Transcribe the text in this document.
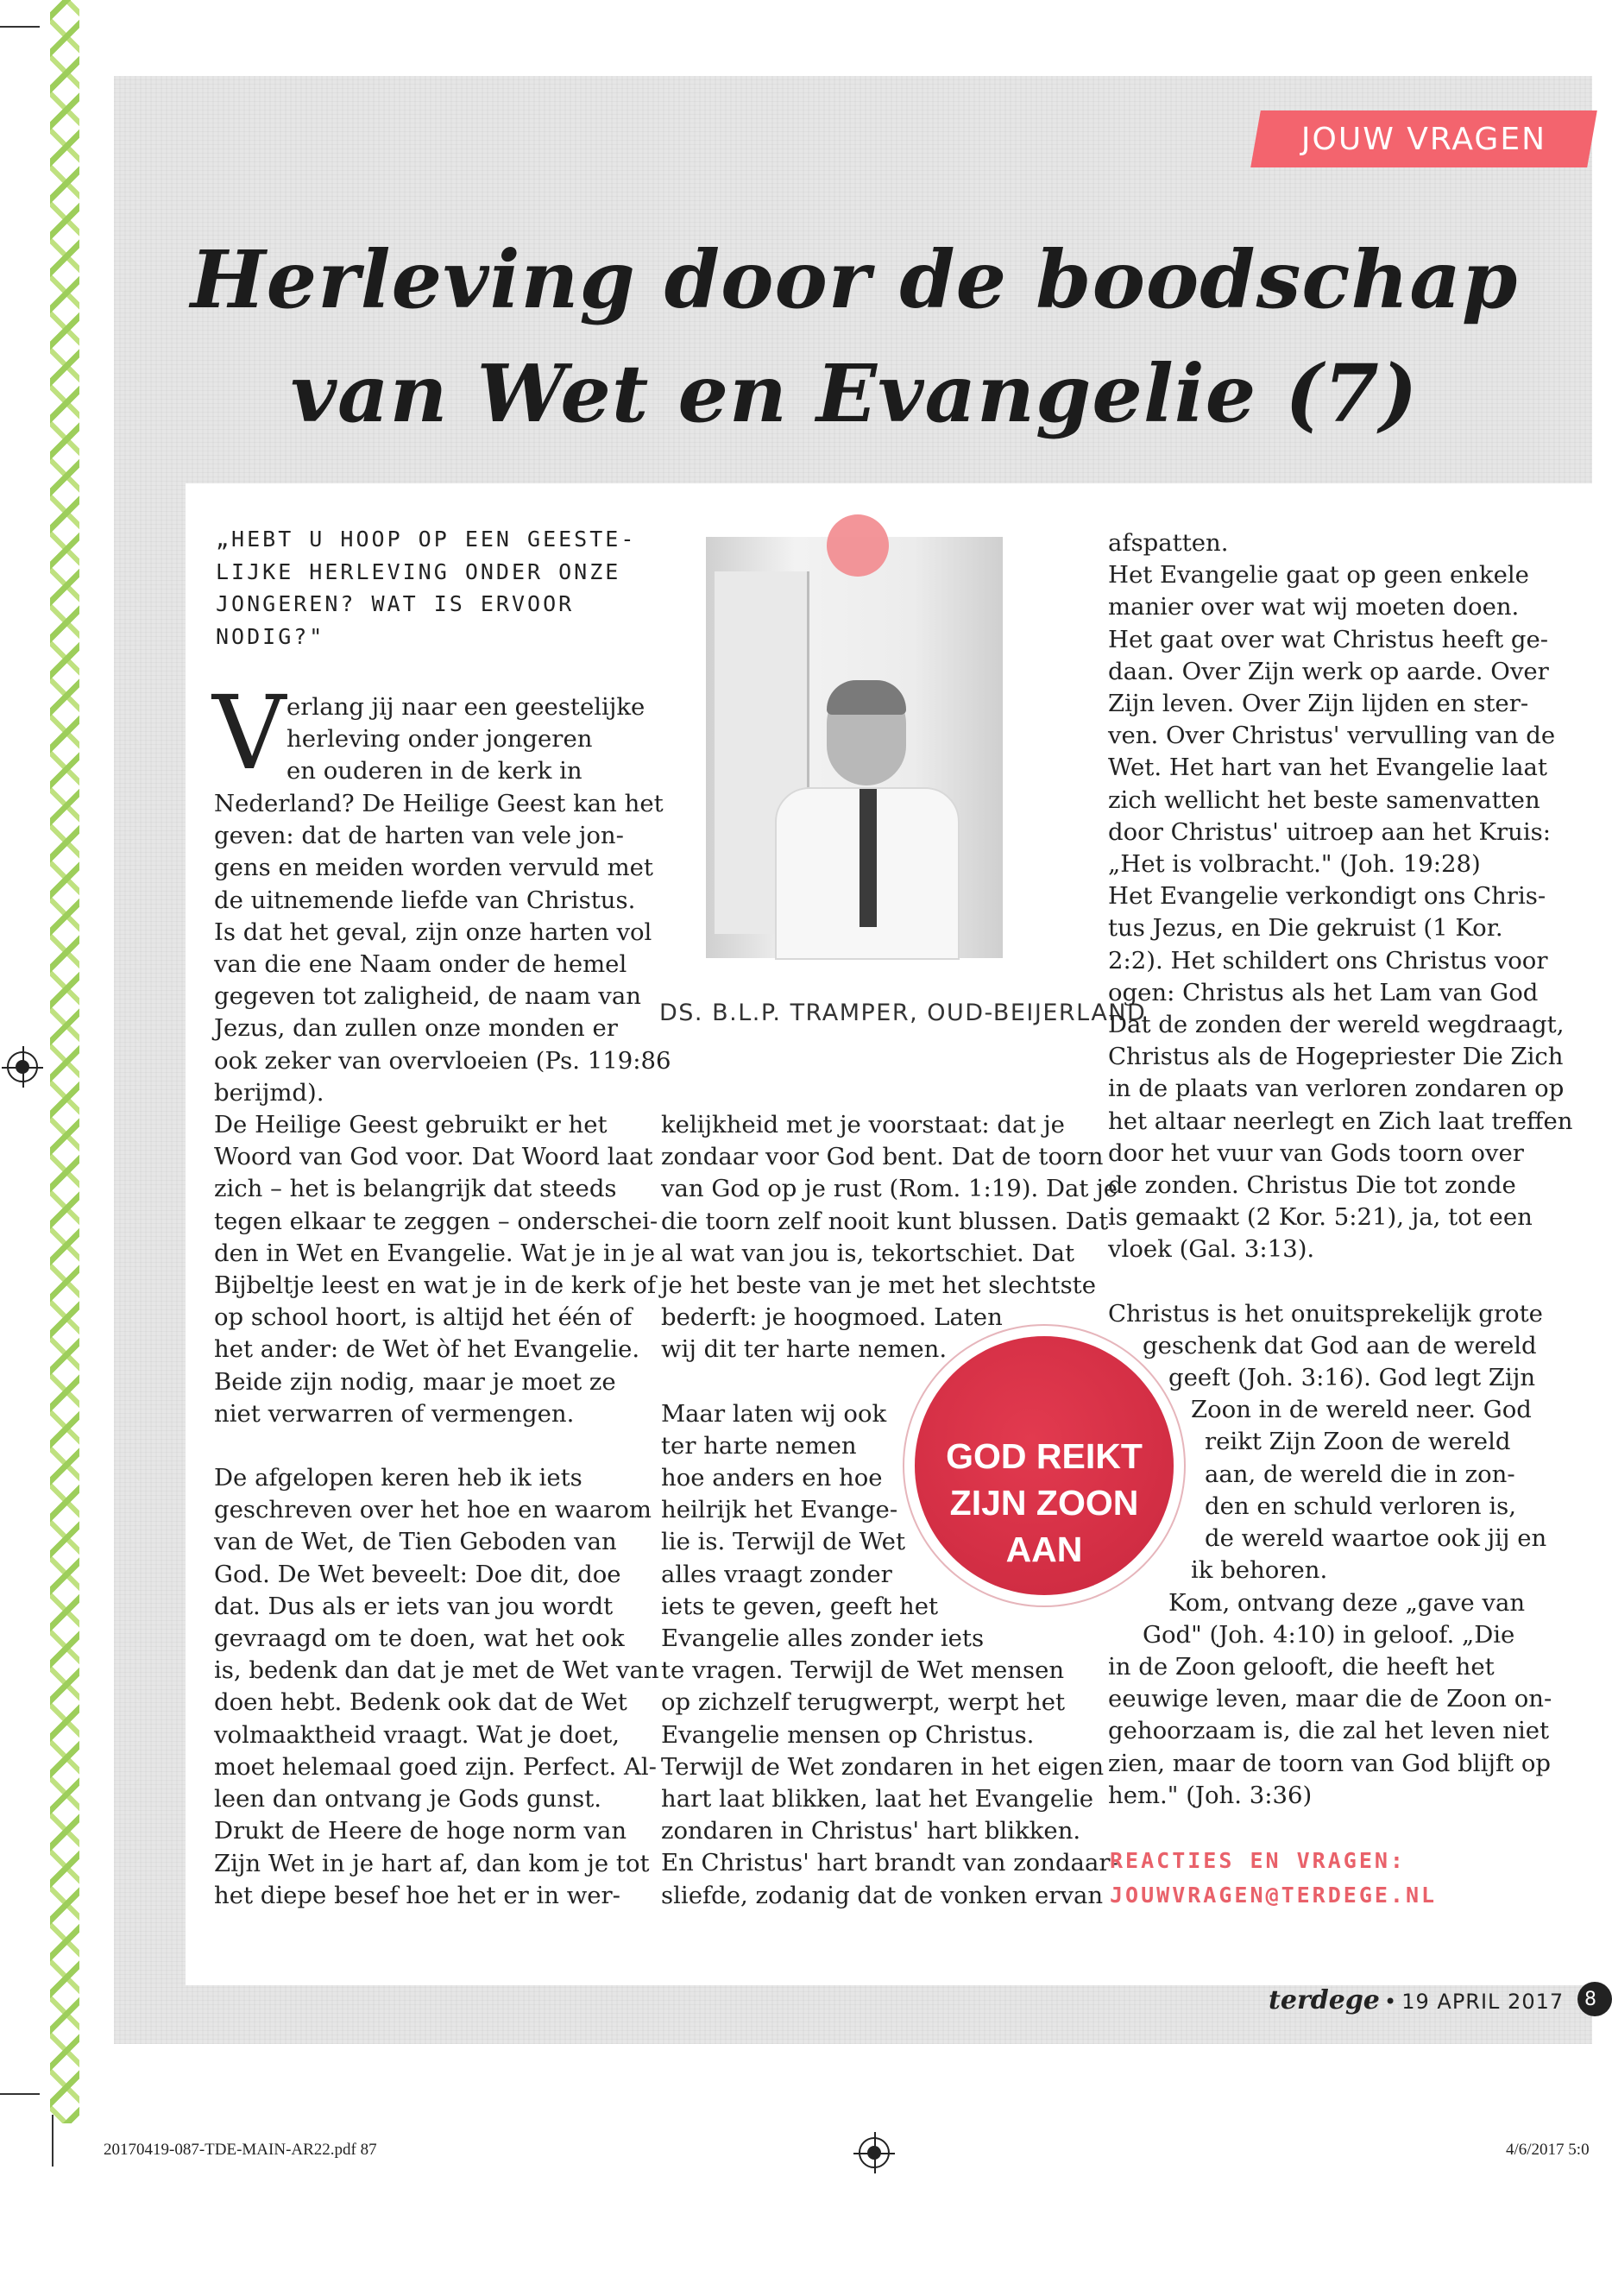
JOUW VRAGEN
Herleving door de boodschap
van Wet en Evangelie (7)

„HEBT U HOOP OP EEN GEESTE-

LIJKE HERLEVING ONDER ONZE

JONGEREN? WAT IS ERVOOR

NODIG?"

V erlang jij naar een geestelijke

herleving onder jongeren

en ouderen in de kerk in

Nederland? De Heilige Geest kan het

geven: dat de harten van vele jon-

gens en meiden worden vervuld met

de uitnemende liefde van Christus.

Is dat het geval, zijn onze harten vol

van die ene Naam onder de hemel

gegeven tot zaligheid, de naam van

Jezus, dan zullen onze monden er

ook zeker van overvloeien (Ps. 119:86

berijmd).

De Heilige Geest gebruikt er het

Woord van God voor. Dat Woord laat

zich – het is belangrijk dat steeds

tegen elkaar te zeggen – onderschei-

den in Wet en Evangelie. Wat je in je

Bijbeltje leest en wat je in de kerk of

op school hoort, is altijd het één of

het ander: de Wet òf het Evangelie.

Beide zijn nodig, maar je moet ze

niet verwarren of vermengen.

De afgelopen keren heb ik iets

geschreven over het hoe en waarom

van de Wet, de Tien Geboden van

God. De Wet beveelt: Doe dit, doe

dat. Dus als er iets van jou wordt

gevraagd om te doen, wat het ook

is, bedenk dan dat je met de Wet van

doen hebt. Bedenk ook dat de Wet

volmaaktheid vraagt. Wat je doet,

moet helemaal goed zijn. Perfect. Al-

leen dan ontvang je Gods gunst.

Drukt de Heere de hoge norm van

Zijn Wet in je hart af, dan kom je tot

het diepe besef hoe het er in wer-

DS. B.L.P. TRAMPER, OUD-BEIJERLAND

kelijkheid met je voorstaat: dat je

zondaar voor God bent. Dat de toorn

van God op je rust (Rom. 1:19). Dat je

die toorn zelf nooit kunt blussen. Dat

al wat van jou is, tekortschiet. Dat

je het beste van je met het slechtste

bederft: je hoogmoed. Laten

wij dit ter harte nemen.

Maar laten wij ook

ter harte nemen

hoe anders en hoe

heilrijk het Evange-

lie is. Terwijl de Wet

alles vraagt zonder

iets te geven, geeft het

Evangelie alles zonder iets

te vragen. Terwijl de Wet mensen

op zichzelf terugwerpt, werpt het

Evangelie mensen op Christus.

Terwijl de Wet zondaren in het eigen

hart laat blikken, laat het Evangelie

zondaren in Christus' hart blikken.

En Christus' hart brandt van zondaar-

sliefde, zodanig dat de vonken ervan

GOD REIKT

ZIJN ZOON

AAN

afspatten.

Het Evangelie gaat op geen enkele

manier over wat wij moeten doen.

Het gaat over wat Christus heeft ge-

daan. Over Zijn werk op aarde. Over

Zijn leven. Over Zijn lijden en ster-

ven. Over Christus' vervulling van de

Wet. Het hart van het Evangelie laat

zich wellicht het beste samenvatten

door Christus' uitroep aan het Kruis:

„Het is volbracht." (Joh. 19:28)

Het Evangelie verkondigt ons Chris-

tus Jezus, en Die gekruist (1 Kor.

2:2). Het schildert ons Christus voor

ogen: Christus als het Lam van God

Dat de zonden der wereld wegdraagt,

Christus als de Hogepriester Die Zich

in de plaats van verloren zondaren op

het altaar neerlegt en Zich laat treffen

door het vuur van Gods toorn over

de zonden. Christus Die tot zonde

is gemaakt (2 Kor. 5:21), ja, tot een

vloek (Gal. 3:13).

Christus is het onuitsprekelijk grote

geschenk dat God aan de wereld

geeft (Joh. 3:16). God legt Zijn

Zoon in de wereld neer. God

reikt Zijn Zoon de wereld

aan, de wereld die in zon-

den en schuld verloren is,

de wereld waartoe ook jij en

ik behoren.

Kom, ontvang deze „gave van

God" (Joh. 4:10) in geloof. „Die

in de Zoon gelooft, die heeft het

eeuwige leven, maar die de Zoon on-

gehoorzaam is, die zal het leven niet

zien, maar de toorn van God blijft op

hem." (Joh. 3:36)

REACTIES EN VRAGEN:

JOUWVRAGEN@TERDEGE.NL

terdege • 19 APRIL 2017	8
20170419-087-TDE-MAIN-AR22.pdf 87	4/6/2017 5:0
